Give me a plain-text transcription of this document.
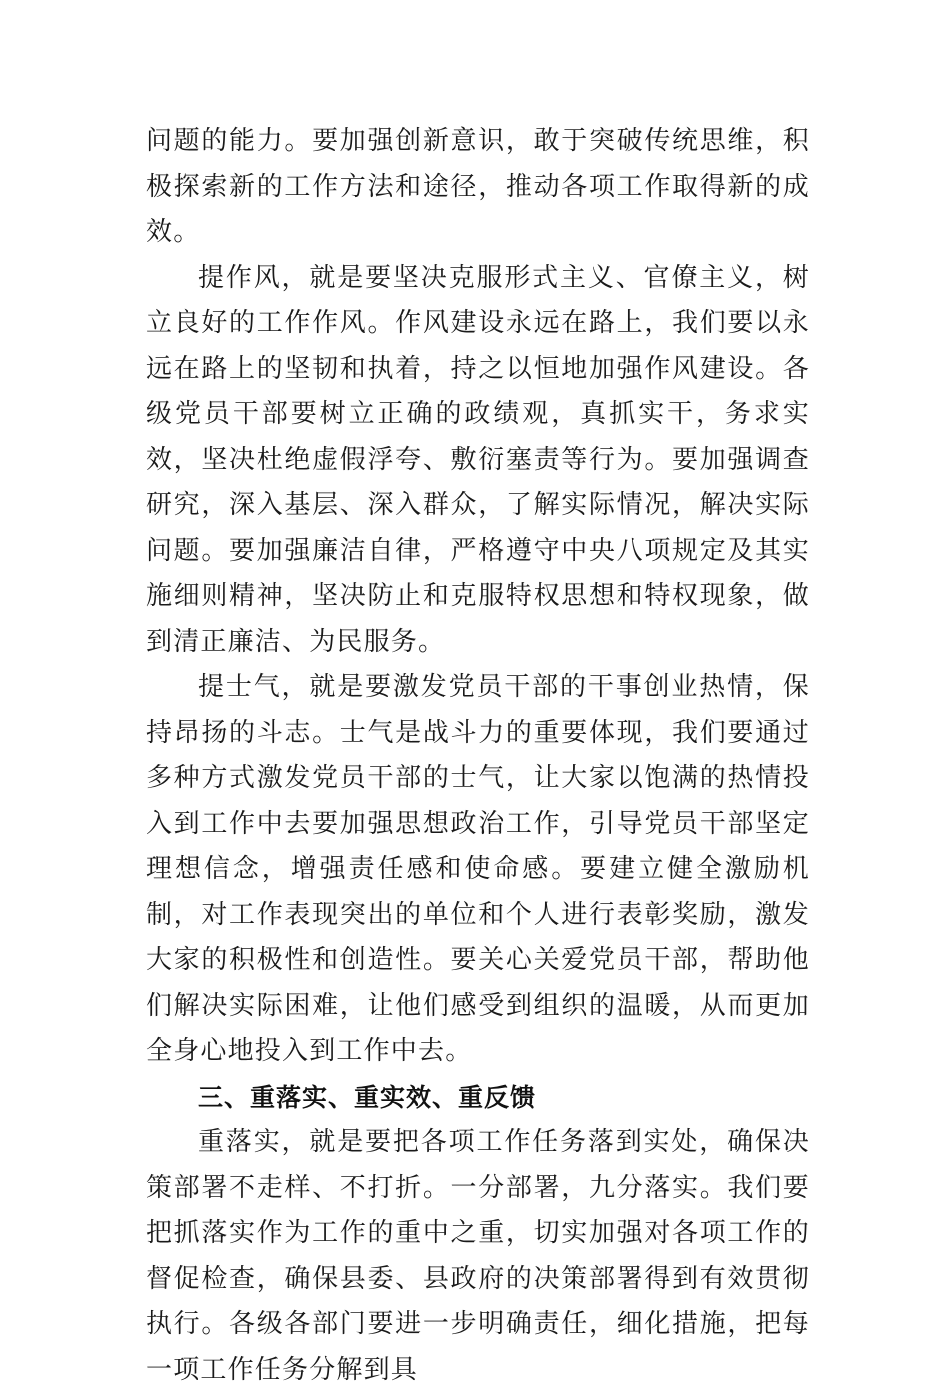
问题的能力。要加强创新意识，敢于突破传统思维，积极探索新的工作方法和途径，推动各项工作取得新的成效。

提作风，就是要坚决克服形式主义、官僚主义，树立良好的工作作风。作风建设永远在路上，我们要以永远在路上的坚韧和执着，持之以恒地加强作风建设。各级党员干部要树立正确的政绩观，真抓实干，务求实效，坚决杜绝虚假浮夸、敷衍塞责等行为。要加强调查研究，深入基层、深入群众，了解实际情况，解决实际问题。要加强廉洁自律，严格遵守中央八项规定及其实施细则精神，坚决防止和克服特权思想和特权现象，做到清正廉洁、为民服务。

提士气，就是要激发党员干部的干事创业热情，保持昂扬的斗志。士气是战斗力的重要体现，我们要通过多种方式激发党员干部的士气，让大家以饱满的热情投入到工作中去要加强思想政治工作，引导党员干部坚定理想信念，增强责任感和使命感。要建立健全激励机制，对工作表现突出的单位和个人进行表彰奖励，激发大家的积极性和创造性。要关心关爱党员干部，帮助他们解决实际困难，让他们感受到组织的温暖，从而更加全身心地投入到工作中去。

三、重落实、重实效、重反馈

重落实，就是要把各项工作任务落到实处，确保决策部署不走样、不打折。一分部署，九分落实。我们要把抓落实作为工作的重中之重，切实加强对各项工作的督促检查，确保县委、县政府的决策部署得到有效贯彻执行。各级各部门要进一步明确责任，细化措施，把每一项工作任务分解到具
